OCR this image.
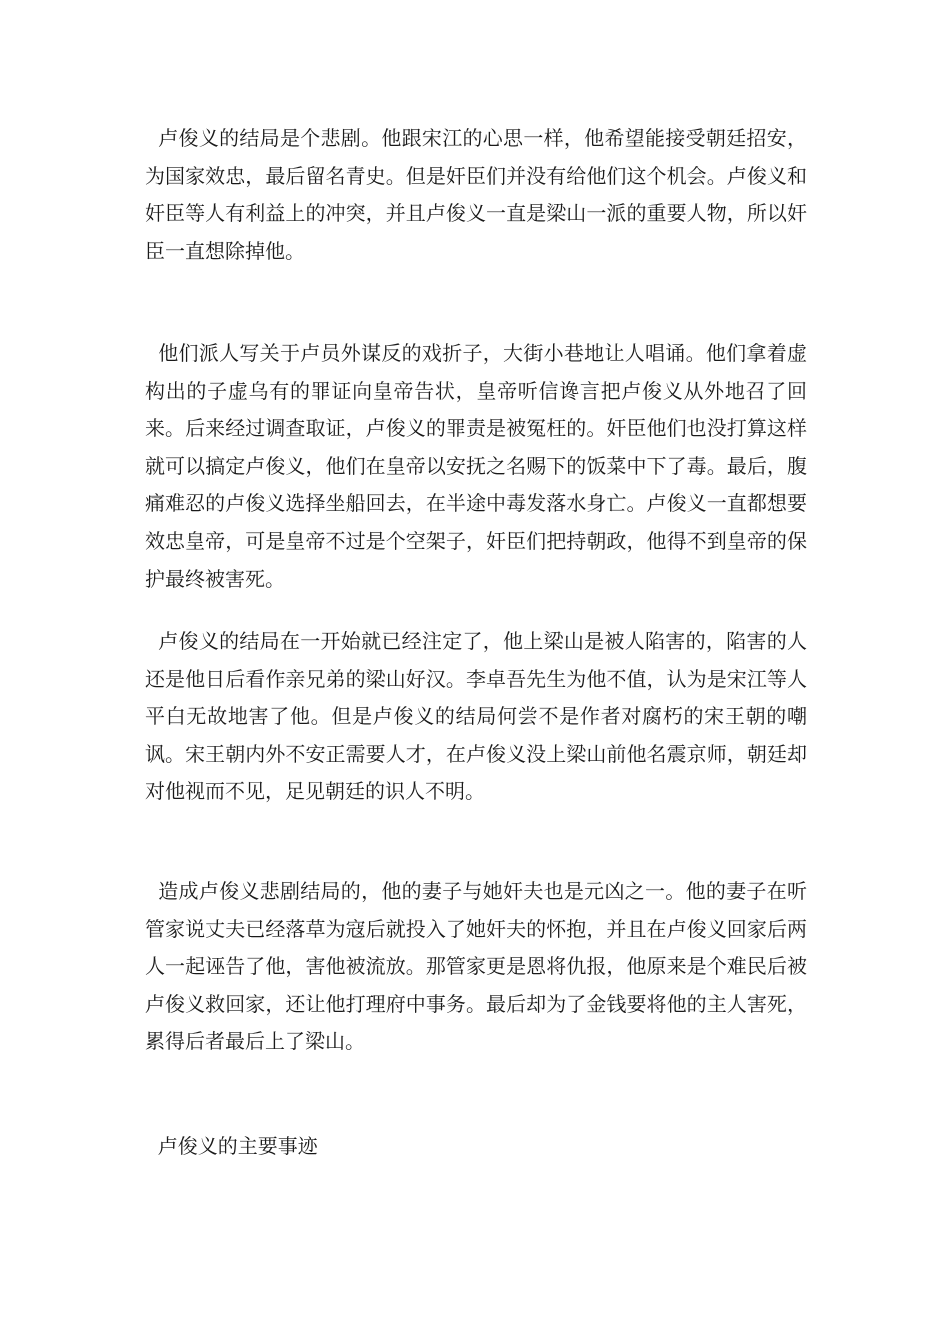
卢俊义的结局是个悲剧。他跟宋江的心思一样，他希望能接受朝廷招安，为国家效忠，最后留名青史。但是奸臣们并没有给他们这个机会。卢俊义和奸臣等人有利益上的冲突，并且卢俊义一直是梁山一派的重要人物，所以奸臣一直想除掉他。

他们派人写关于卢员外谋反的戏折子，大街小巷地让人唱诵。他们拿着虚构出的子虚乌有的罪证向皇帝告状，皇帝听信谗言把卢俊义从外地召了回来。后来经过调查取证，卢俊义的罪责是被冤枉的。奸臣他们也没打算这样就可以搞定卢俊义，他们在皇帝以安抚之名赐下的饭菜中下了毒。最后，腹痛难忍的卢俊义选择坐船回去，在半途中毒发落水身亡。卢俊义一直都想要效忠皇帝，可是皇帝不过是个空架子，奸臣们把持朝政，他得不到皇帝的保护最终被害死。

卢俊义的结局在一开始就已经注定了，他上梁山是被人陷害的，陷害的人还是他日后看作亲兄弟的梁山好汉。李卓吾先生为他不值，认为是宋江等人平白无故地害了他。但是卢俊义的结局何尝不是作者对腐朽的宋王朝的嘲讽。宋王朝内外不安正需要人才，在卢俊义没上梁山前他名震京师，朝廷却对他视而不见，足见朝廷的识人不明。

造成卢俊义悲剧结局的，他的妻子与她奸夫也是元凶之一。他的妻子在听管家说丈夫已经落草为寇后就投入了她奸夫的怀抱，并且在卢俊义回家后两人一起诬告了他，害他被流放。那管家更是恩将仇报，他原来是个难民后被卢俊义救回家，还让他打理府中事务。最后却为了金钱要将他的主人害死，累得后者最后上了梁山。

卢俊义的主要事迹
